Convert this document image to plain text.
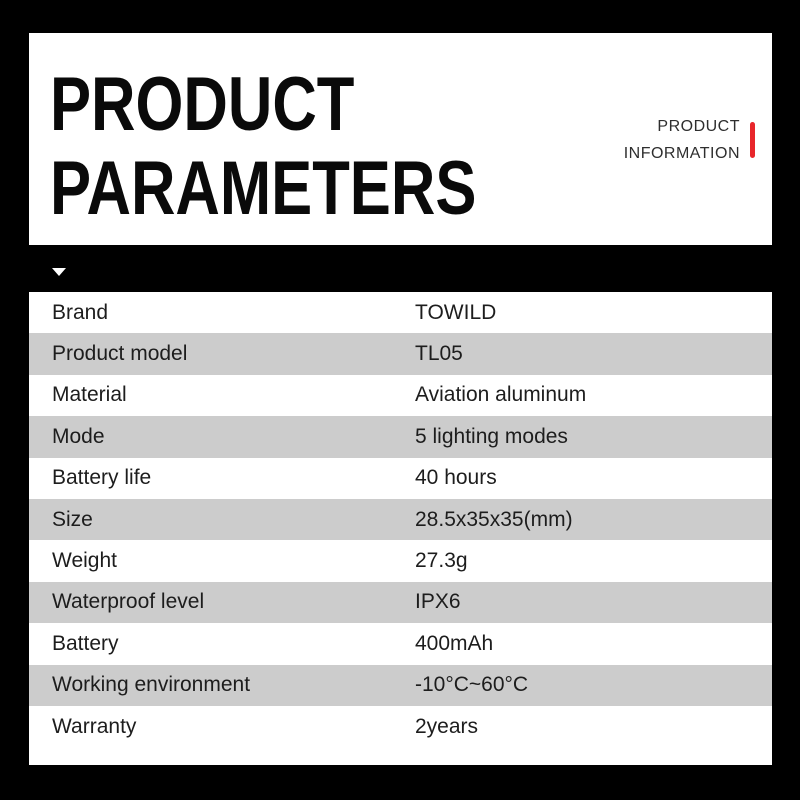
PRODUCT
PARAMETERS
PRODUCT
INFORMATION
Brand	TOWILD
Product model	TL05
Material	Aviation aluminum
Mode	5 lighting modes
Battery life	40 hours
Size	28.5x35x35(mm)
Weight	27.3g
Waterproof level	IPX6
Battery	400mAh
Working environment	-10°C~60°C
Warranty	2years
